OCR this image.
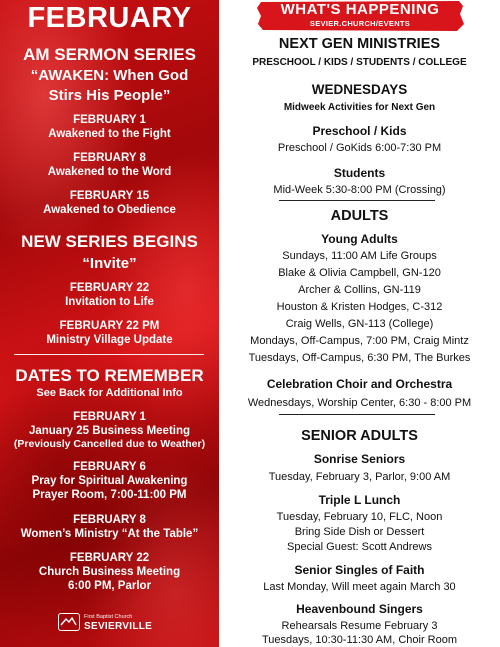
FEBRUARY
AM SERMON SERIES
“AWAKEN: When God
Stirs His People”
FEBRUARY 1
Awakened to the Fight
FEBRUARY 8
Awakened to the Word
FEBRUARY 15
Awakened to Obedience
NEW SERIES BEGINS
“Invite”
FEBRUARY 22
Invitation to Life
FEBRUARY 22 PM
Ministry Village Update
DATES TO REMEMBER
See Back for Additional Info
FEBRUARY 1
January 25 Business Meeting
(Previously Cancelled due to Weather)
FEBRUARY 6
Pray for Spiritual Awakening
Prayer Room, 7:00-11:00 PM
FEBRUARY 8
Women’s Ministry “At the Table”
FEBRUARY 22
Church Business Meeting
6:00 PM, Parlor
First Baptist Church
SEVIERVILLE
WHAT'S HAPPENING
SEVIER.CHURCH/EVENTS
NEXT GEN MINISTRIES
PRESCHOOL / KIDS / STUDENTS / COLLEGE
WEDNESDAYS
Midweek Activities for Next Gen
Preschool / Kids
Preschool / GoKids 6:00-7:30 PM
Students
Mid-Week 5:30-8:00 PM (Crossing)
ADULTS
Young Adults
Sundays, 11:00 AM Life Groups
Blake & Olivia Campbell, GN-120
Archer & Collins, GN-119
Houston & Kristen Hodges, C-312
Craig Wells, GN-113 (College)
Mondays, Off-Campus, 7:00 PM, Craig Mintz
Tuesdays, Off-Campus, 6:30 PM, The Burkes
Celebration Choir and Orchestra
Wednesdays, Worship Center, 6:30 - 8:00 PM
SENIOR ADULTS
Sonrise Seniors
Tuesday, February 3, Parlor, 9:00 AM
Triple L Lunch
Tuesday, February 10, FLC, Noon
Bring Side Dish or Dessert
Special Guest: Scott Andrews
Senior Singles of Faith
Last Monday, Will meet again March 30
Heavenbound Singers
Rehearsals Resume February 3
Tuesdays, 10:30-11:30 AM, Choir Room
